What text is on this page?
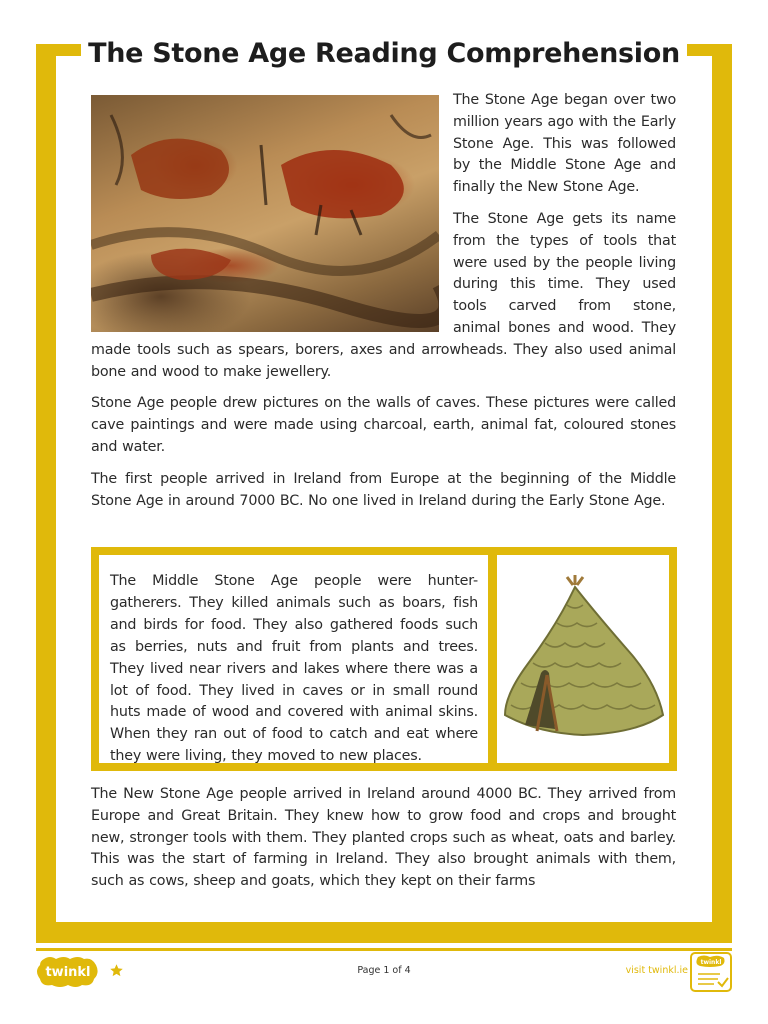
The Stone Age Reading Comprehension

The Stone Age began over two million years ago with the Early Stone Age. This was followed by the Middle Stone Age and finally the New Stone Age.

The Stone Age gets its name from the types of tools that were used by the people living during this time. They used tools carved from stone, animal bones and wood. They made tools such as spears, borers, axes and arrowheads. They also used animal bone and wood to make jewellery.

Stone Age people drew pictures on the walls of caves. These pictures were called cave paintings and were made using charcoal, earth, animal fat, coloured stones and water.

The first people arrived in Ireland from Europe at the beginning of the Middle Stone Age in around 7000 BC. No one lived in Ireland during the Early Stone Age.

The Middle Stone Age people were hunter-gatherers. They killed animals such as boars, fish and birds for food. They also gathered foods such as berries, nuts and fruit from plants and trees. They lived near rivers and lakes where there was a lot of food. They lived in caves or in small round huts made of wood and covered with animal skins. When they ran out of food to catch and eat where they were living, they moved to new places.

The New Stone Age people arrived in Ireland around 4000 BC. They arrived from Europe and Great Britain. They knew how to grow food and crops and brought new, stronger tools with them. They planted crops such as wheat, oats and barley. This was the start of farming in Ireland. They also brought animals with them, such as cows, sheep and goats, which they kept on their farms

twinkl	Page 1 of 4	visit twinkl.ie
twinkl
